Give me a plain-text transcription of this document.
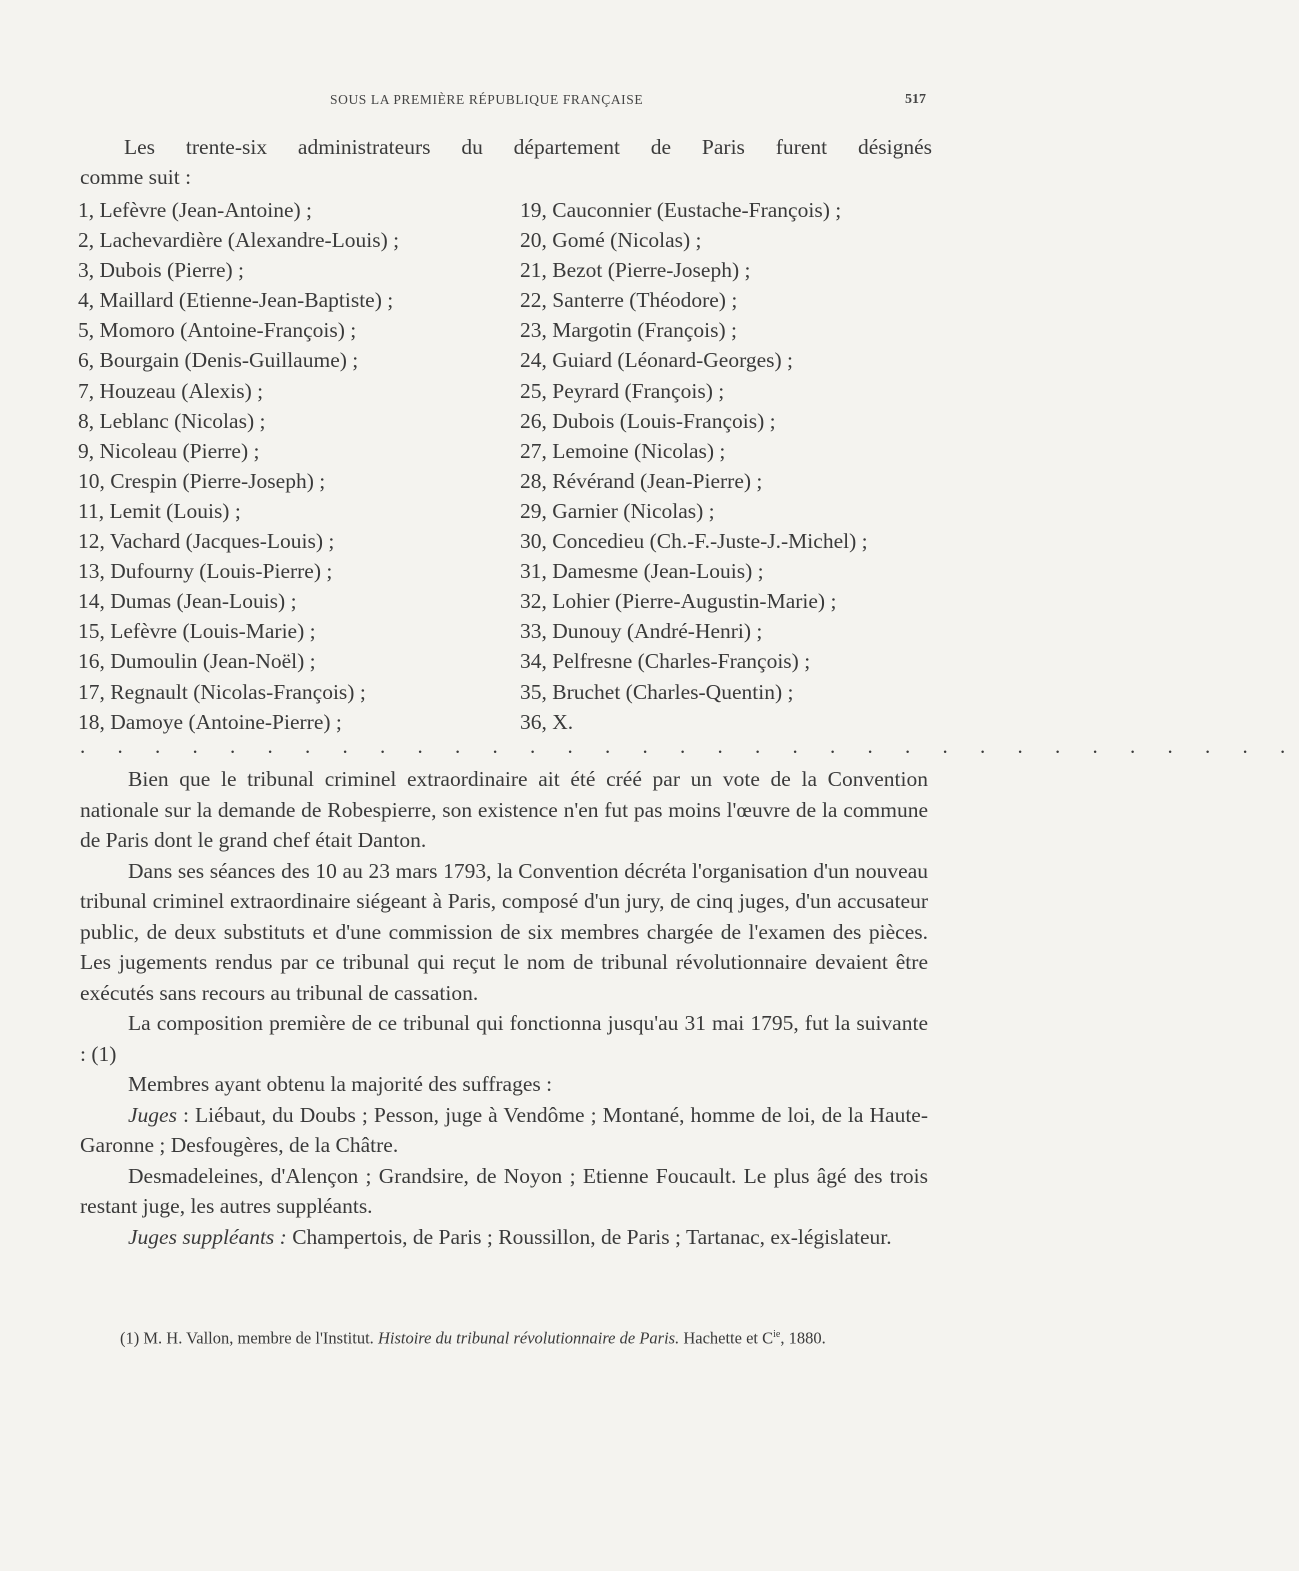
SOUS LA PREMIÈRE RÉPUBLIQUE FRANÇAISE	517
Les trente-six administrateurs du département de Paris furent désignés
comme suit :
1, Lefèvre (Jean-Antoine) ;
2, Lachevardière (Alexandre-Louis) ;
3, Dubois (Pierre) ;
4, Maillard (Etienne-Jean-Baptiste) ;
5, Momoro (Antoine-François) ;
6, Bourgain (Denis-Guillaume) ;
7, Houzeau (Alexis) ;
8, Leblanc (Nicolas) ;
9, Nicoleau (Pierre) ;
10, Crespin (Pierre-Joseph) ;
11, Lemit (Louis) ;
12, Vachard (Jacques-Louis) ;
13, Dufourny (Louis-Pierre) ;
14, Dumas (Jean-Louis) ;
15, Lefèvre (Louis-Marie) ;
16, Dumoulin (Jean-Noël) ;
17, Regnault (Nicolas-François) ;
18, Damoye (Antoine-Pierre) ;
19, Cauconnier (Eustache-François) ;
20, Gomé (Nicolas) ;
21, Bezot (Pierre-Joseph) ;
22, Santerre (Théodore) ;
23, Margotin (François) ;
24, Guiard (Léonard-Georges) ;
25, Peyrard (François) ;
26, Dubois (Louis-François) ;
27, Lemoine (Nicolas) ;
28, Révérand (Jean-Pierre) ;
29, Garnier (Nicolas) ;
30, Concedieu (Ch.-F.-Juste-J.-Michel) ;
31, Damesme (Jean-Louis) ;
32, Lohier (Pierre-Augustin-Marie) ;
33, Dunouy (André-Henri) ;
34, Pelfresne (Charles-François) ;
35, Bruchet (Charles-Quentin) ;
36, X.
. . . . . . . . . . . . . . . . . . . . . . . . . . . . . . . . .

Bien que le tribunal criminel extraordinaire ait été créé par un vote de la Convention nationale sur la demande de Robespierre, son existence n'en fut pas moins l'œuvre de la commune de Paris dont le grand chef était Danton.

Dans ses séances des 10 au 23 mars 1793, la Convention décréta l'organisation d'un nouveau tribunal criminel extraordinaire siégeant à Paris, composé d'un jury, de cinq juges, d'un accusateur public, de deux substituts et d'une commission de six membres chargée de l'examen des pièces. Les jugements rendus par ce tribunal qui reçut le nom de tribunal révolutionnaire devaient être exécutés sans recours au tribunal de cassation.

La composition première de ce tribunal qui fonctionna jusqu'au 31 mai 1795, fut la suivante : (1)

Membres ayant obtenu la majorité des suffrages :

Juges : Liébaut, du Doubs ; Pesson, juge à Vendôme ; Montané, homme de loi, de la Haute-Garonne ; Desfougères, de la Châtre.

Desmadeleines, d'Alençon ; Grandsire, de Noyon ; Etienne Foucault. Le plus âgé des trois restant juge, les autres suppléants.

Juges suppléants : Champertois, de Paris ; Roussillon, de Paris ; Tartanac, ex-législateur.

(1) M. H. Vallon, membre de l'Institut. Histoire du tribunal révolutionnaire de Paris. Hachette et $C^{ie}$, 1880.
